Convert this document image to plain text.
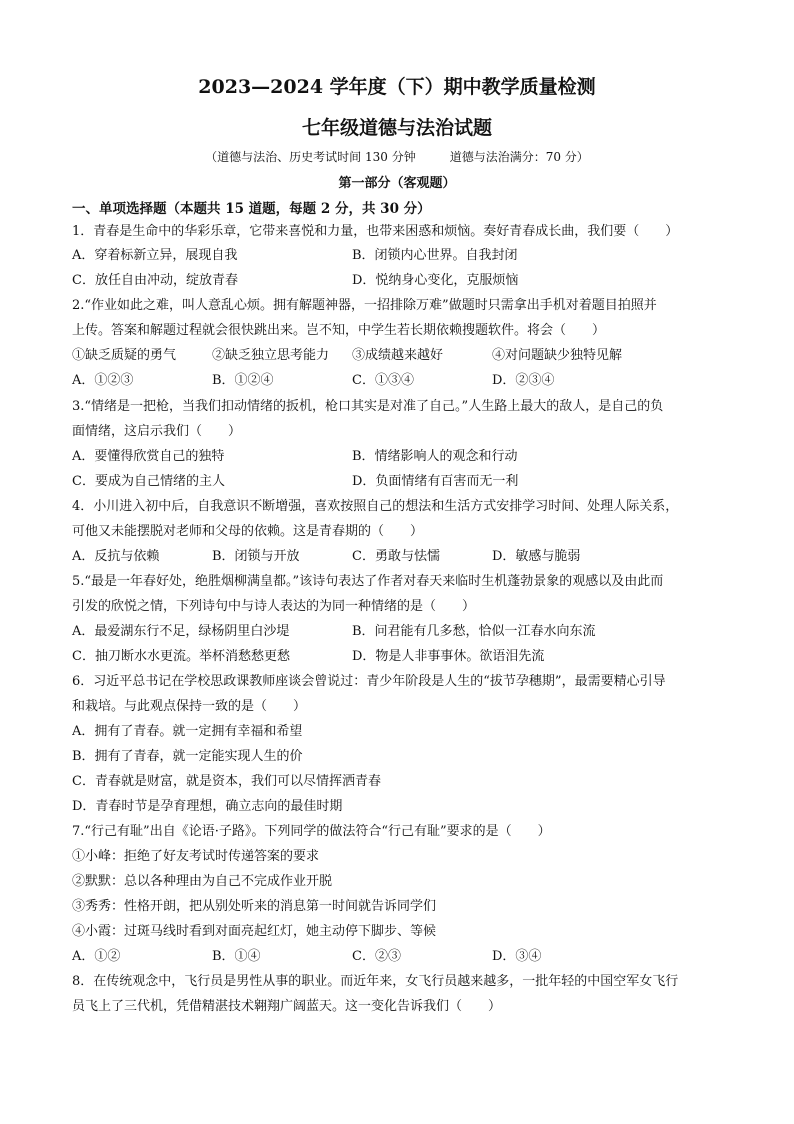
2023—2024 学年度（下）期中教学质量检测
七年级道德与法治试题
（道德与法治、历史考试时间 130 分钟	道德与法治满分：70 分）
第一部分（客观题）
一、单项选择题（本题共 15 道题，每题 2 分，共 30 分）
1．青春是生命中的华彩乐章，它带来喜悦和力量，也带来困惑和烦恼。奏好青春成长曲，我们要（　　）
A．穿着标新立异，展现自我	B．闭锁内心世界。自我封闭
C．放任自由冲动，绽放青春	D．悦纳身心变化，克服烦恼
2.“作业如此之难，叫人意乱心烦。拥有解题神器，一招排除万难”做题时只需拿出手机对着题目拍照并
上传。答案和解题过程就会很快跳出来。岂不知，中学生若长期依赖搜题软件。将会（　　）
①缺乏质疑的勇气	②缺乏独立思考能力 ③成绩越来越好	④对问题缺少独特见解
A．①②③	B．①②④	C．①③④	D．②③④
3.“情绪是一把枪，当我们扣动情绪的扳机，枪口其实是对准了自己。”人生路上最大的敌人，是自己的负
面情绪，这启示我们（　　）
A．要懂得欣赏自己的独特	B．情绪影响人的观念和行动
C．要成为自己情绪的主人	D．负面情绪有百害而无一利
4．小川进入初中后，自我意识不断增强，喜欢按照自己的想法和生活方式安排学习时间、处理人际关系，
可他又未能摆脱对老师和父母的依赖。这是青春期的（　　）
A．反抗与依赖	B．闭锁与开放	C．勇敢与怯懦	D．敏感与脆弱
5.“最是一年春好处，绝胜烟柳满皇都。”该诗句表达了作者对春天来临时生机蓬勃景象的观感以及由此而
引发的欣悦之情，下列诗句中与诗人表达的为同一种情绪的是（　　）
A．最爱湖东行不足，绿杨阴里白沙堤	B．问君能有几多愁，恰似一江春水向东流
C．抽刀断水水更流。举杯消愁愁更愁	D．物是人非事事休。欲语泪先流
6．习近平总书记在学校思政课教师座谈会曾说过：青少年阶段是人生的“拔节孕穗期”，最需要精心引导
和栽培。与此观点保持一致的是（　　）
A．拥有了青春。就一定拥有幸福和希望
B．拥有了青春，就一定能实现人生的价
C．青春就是财富，就是资本，我们可以尽情挥洒青春
D．青春时节是孕育理想，确立志向的最佳时期
7.“行己有耻”出自《论语·子路》。下列同学的做法符合“行己有耻”要求的是（　　）
①小峰：拒绝了好友考试时传递答案的要求
②默默：总以各种理由为自己不完成作业开脱
③秀秀：性格开朗，把从别处听来的消息第一时间就告诉同学们
④小霞：过斑马线时看到对面亮起红灯，她主动停下脚步、等候
A．①②	B．①④	C．②③	D．③④
8．在传统观念中，飞行员是男性从事的职业。而近年来，女飞行员越来越多，一批年轻的中国空军女飞行
员飞上了三代机，凭借精湛技术翱翔广阔蓝天。这一变化告诉我们（　　）
